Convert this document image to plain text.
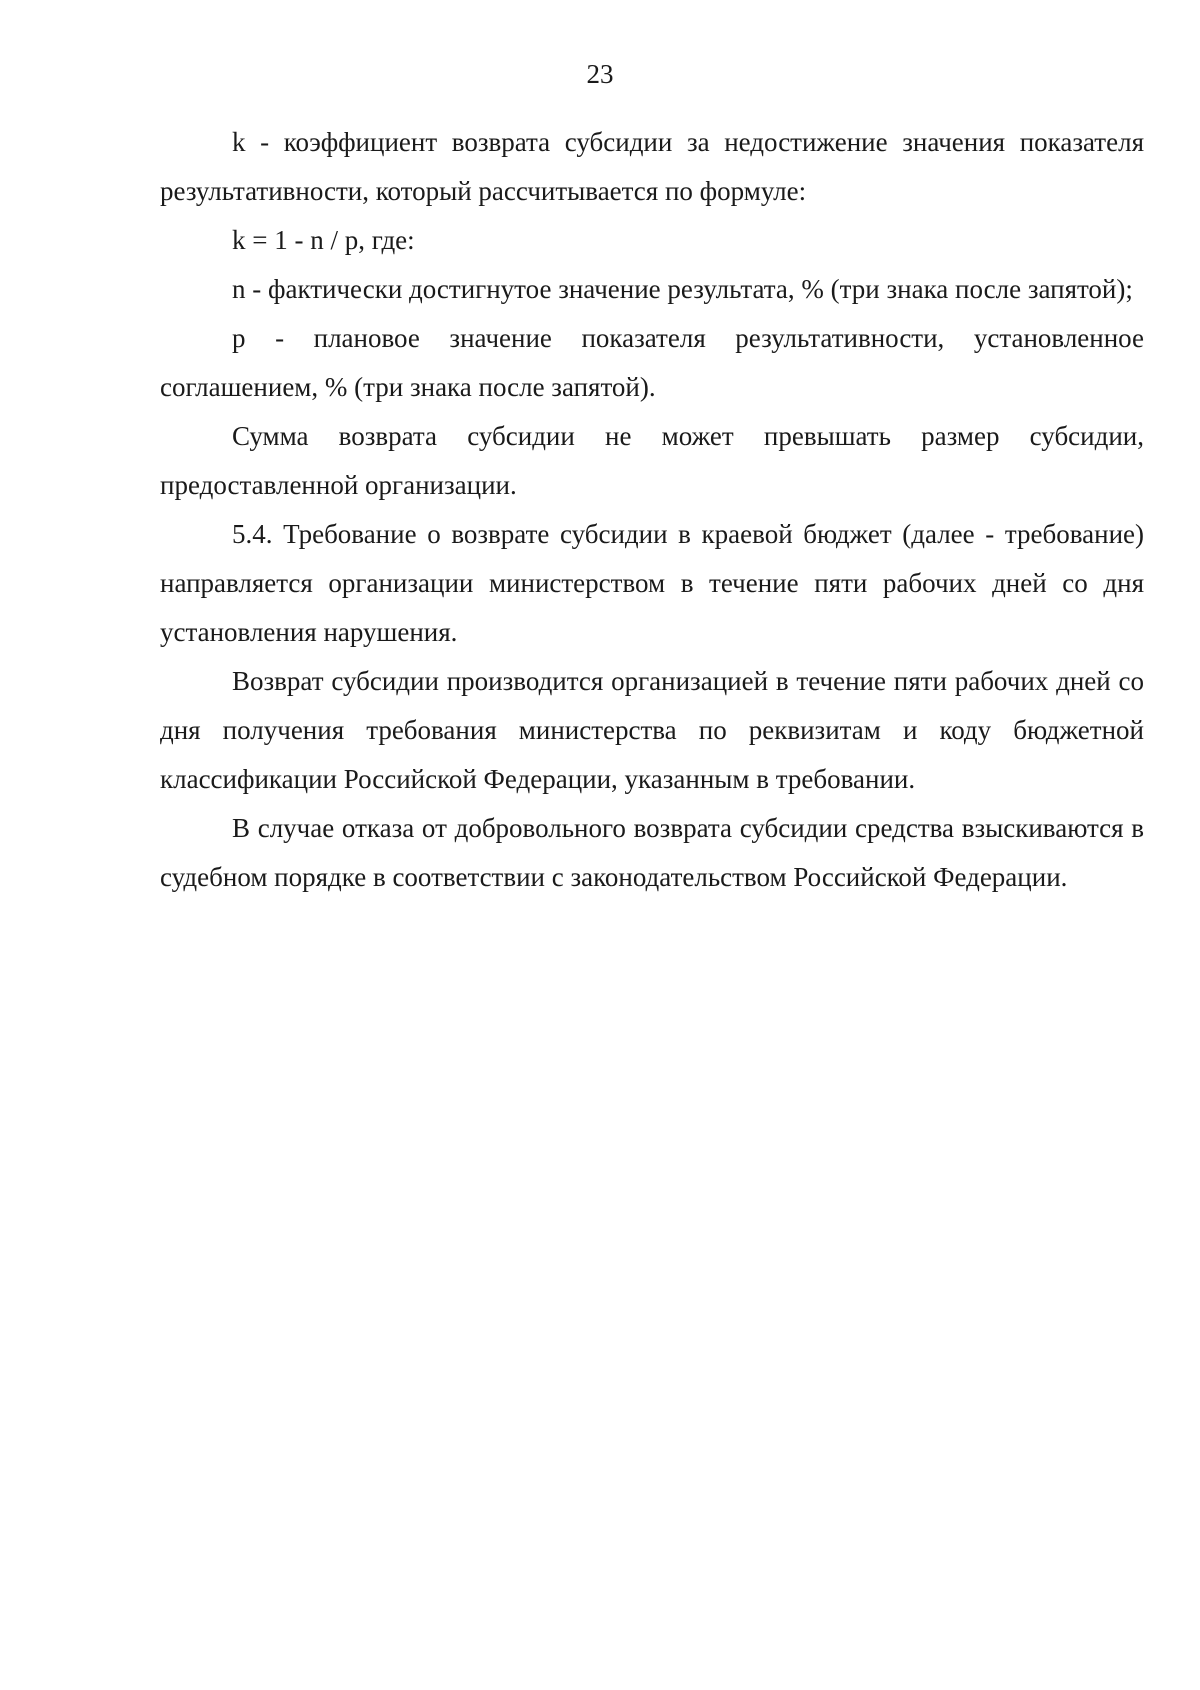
23

k - коэффициент возврата субсидии за недостижение значения показателя результативности, который рассчитывается по формуле:

k = 1 - n / p, где:

n - фактически достигнутое значение результата, % (три знака после запятой);

p - плановое значение показателя результативности, установленное соглашением, % (три знака после запятой).

Сумма возврата субсидии не может превышать размер субсидии, предоставленной организации.

5.4. Требование о возврате субсидии в краевой бюджет (далее - требование) направляется организации министерством в течение пяти рабочих дней со дня установления нарушения.

Возврат субсидии производится организацией в течение пяти рабочих дней со дня получения требования министерства по реквизитам и коду бюджетной классификации Российской Федерации, указанным в требовании.

В случае отказа от добровольного возврата субсидии средства взыскиваются в судебном порядке в соответствии с законодательством Российской Федерации.
